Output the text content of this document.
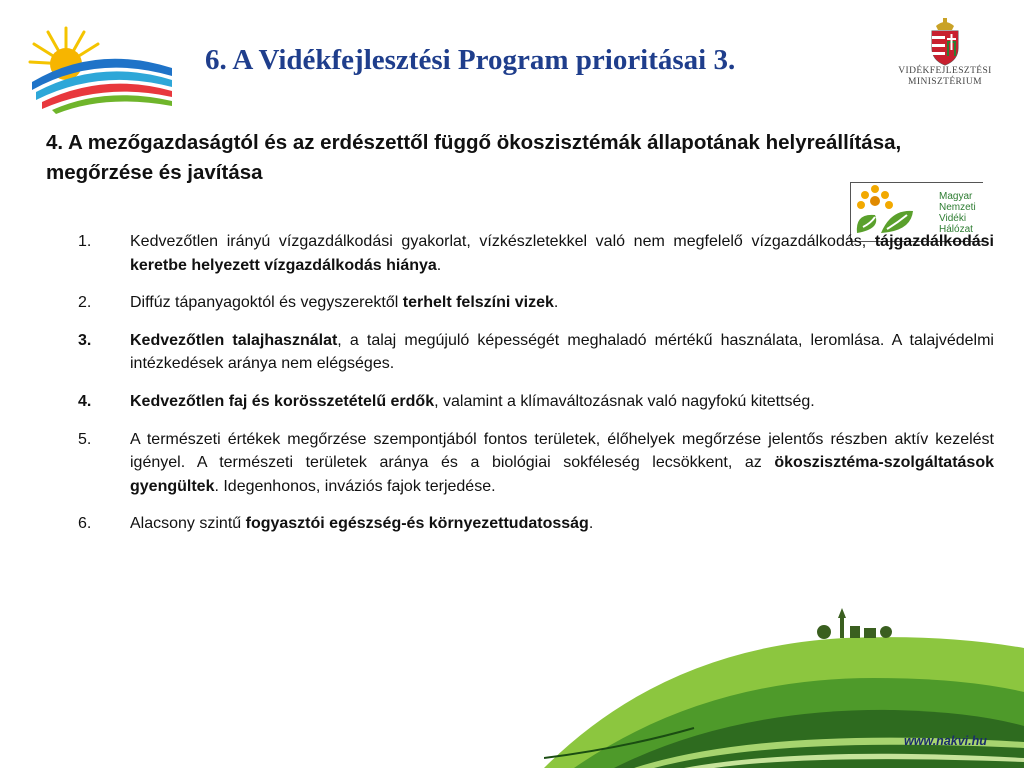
6. A Vidékfejlesztési Program prioritásai 3.	VIDÉKFEJLESZTÉSI
MINISZTÉRIUM
4. A mezőgazdaságtól és az erdészettől függő ökoszisztémák állapotának helyreállítása, megőrzése és javítása
Magyar
Nemzeti
Vidéki
Hálózat
1.	Kedvezőtlen irányú vízgazdálkodási gyakorlat, vízkészletekkel való nem megfelelő vízgazdálkodás, tájgazdálkodási keretbe helyezett vízgazdálkodás hiánya.
2.	Diffúz tápanyagoktól és vegyszerektől terhelt felszíni vizek.
3.	Kedvezőtlen talajhasználat, a talaj megújuló képességét meghaladó mértékű használata, leromlása. A talajvédelmi intézkedések aránya nem elégséges.
4.	Kedvezőtlen faj és korösszetételű erdők, valamint a klímaváltozásnak való nagyfokú kitettség.
5.	A természeti értékek megőrzése szempontjából fontos területek, élőhelyek megőrzése jelentős részben aktív kezelést igényel. A természeti területek aránya és a biológiai sokféleség lecsökkent, az ökoszisztéma-szolgáltatások gyengültek. Idegenhonos, inváziós fajok terjedése.
6.	Alacsony szintű fogyasztói egészség-és környezettudatosság.
www.nakvi.hu
